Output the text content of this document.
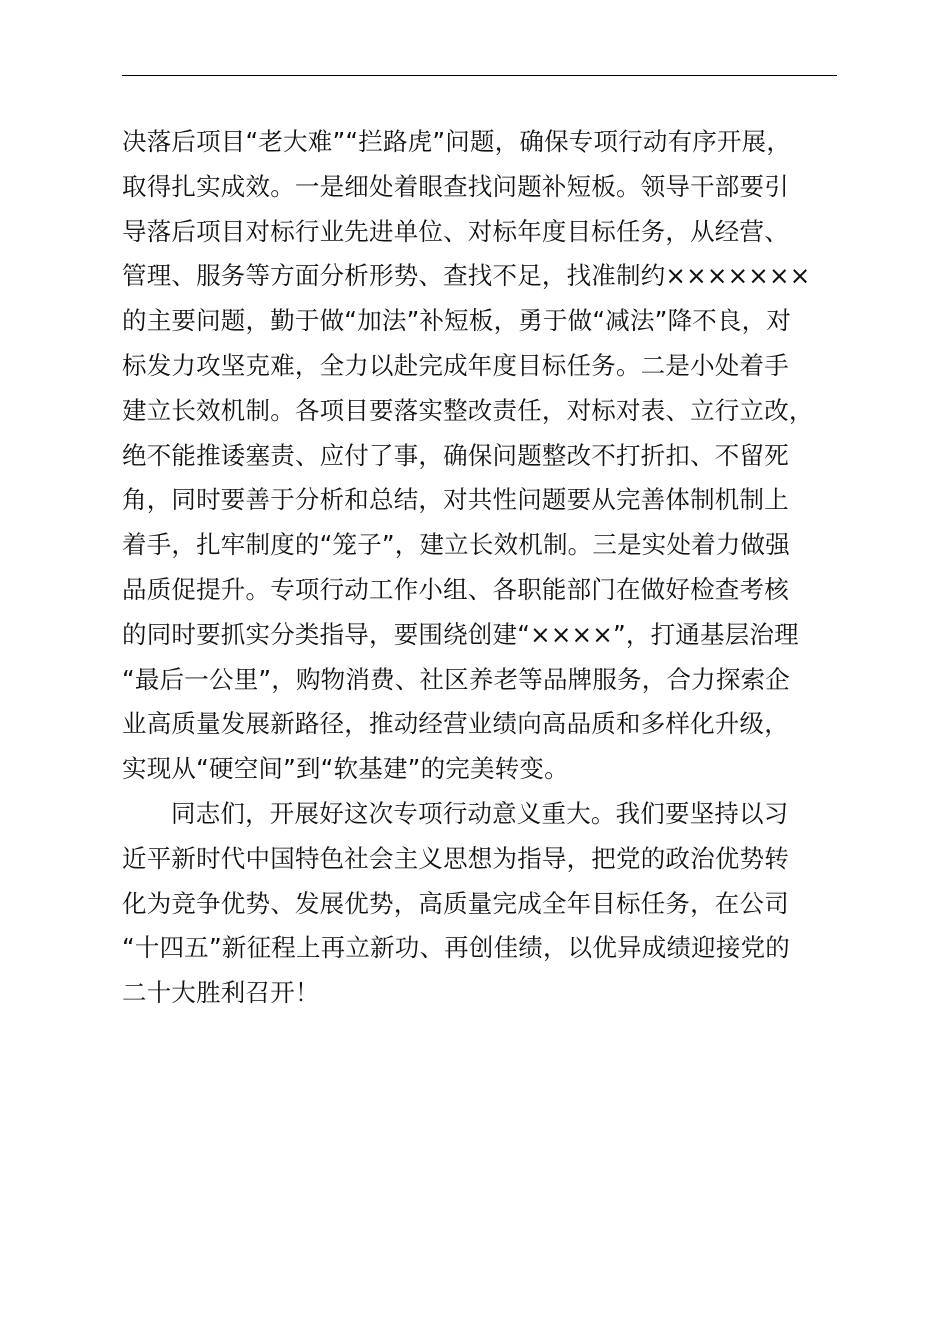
决落后项目“老大难”“拦路虎”问题，确保专项行动有序开展，
取得扎实成效。一是细处着眼查找问题补短板。领导干部要引
导落后项目对标行业先进单位、对标年度目标任务，从经营、
管理、服务等方面分析形势、查找不足，找准制约×××××××
的主要问题，勤于做“加法”补短板，勇于做“减法”降不良，对
标发力攻坚克难，全力以赴完成年度目标任务。二是小处着手
建立长效机制。各项目要落实整改责任，对标对表、立行立改，
绝不能推诿塞责、应付了事，确保问题整改不打折扣、不留死
角，同时要善于分析和总结，对共性问题要从完善体制机制上
着手，扎牢制度的“笼子”，建立长效机制。三是实处着力做强
品质促提升。专项行动工作小组、各职能部门在做好检查考核
的同时要抓实分类指导，要围绕创建“××××”，打通基层治理
“最后一公里”，购物消费、社区养老等品牌服务，合力探索企
业高质量发展新路径，推动经营业绩向高品质和多样化升级，
实现从“硬空间”到“软基建”的完美转变。
同志们，开展好这次专项行动意义重大。我们要坚持以习
近平新时代中国特色社会主义思想为指导，把党的政治优势转
化为竞争优势、发展优势，高质量完成全年目标任务，在公司
“十四五”新征程上再立新功、再创佳绩，以优异成绩迎接党的
二十大胜利召开！
